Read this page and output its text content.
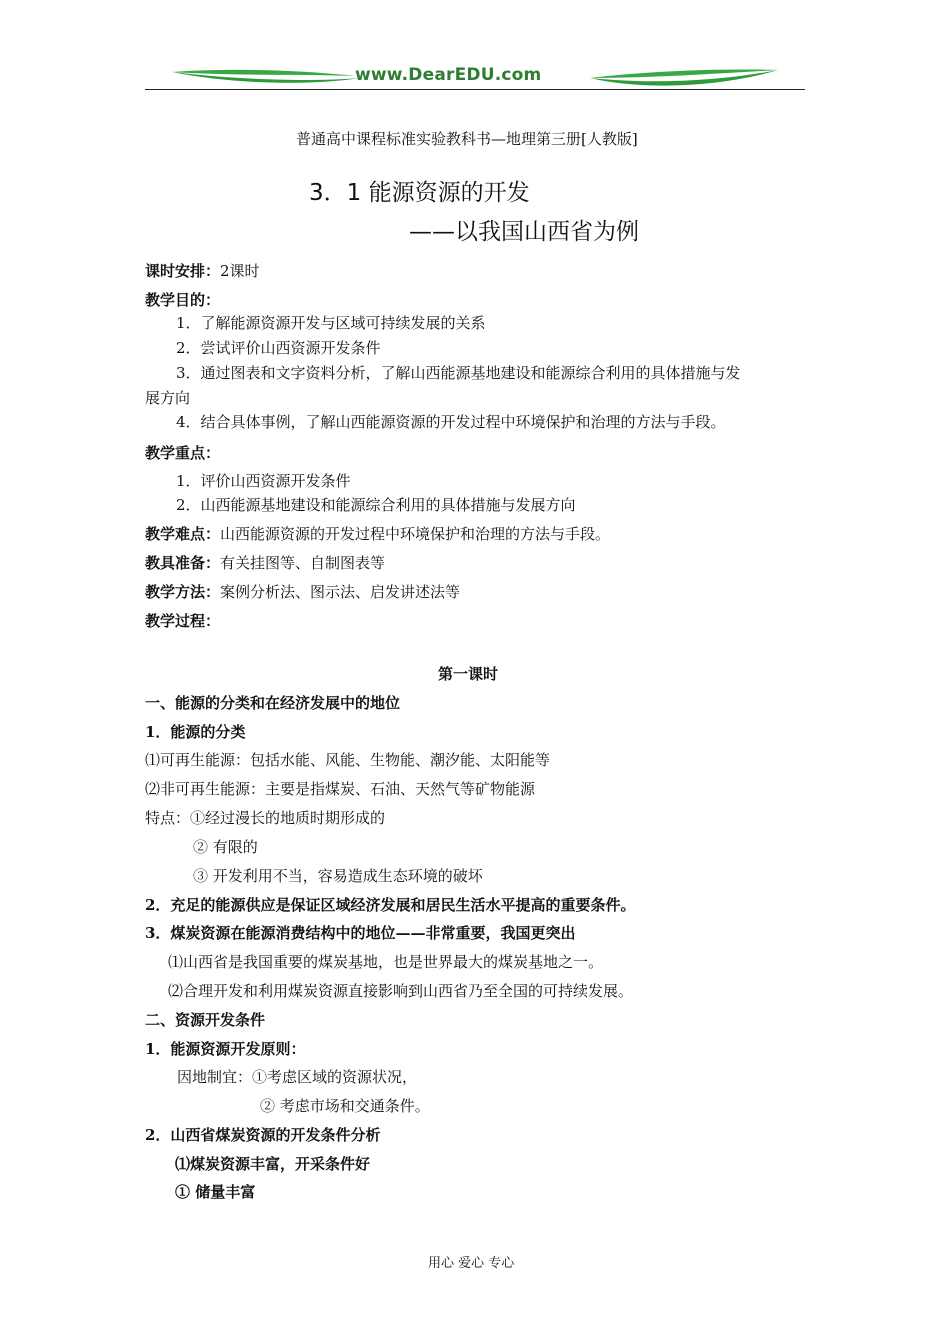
www.DearEDU.com
普通高中课程标准实验教科书—地理第三册[人教版]
3．1 能源资源的开发
——以我国山西省为例
课时安排：2课时
教学目的：
1．了解能源资源开发与区域可持续发展的关系
2．尝试评价山西资源开发条件
3．通过图表和文字资料分析，了解山西能源基地建设和能源综合利用的具体措施与发
展方向
4．结合具体事例，了解山西能源资源的开发过程中环境保护和治理的方法与手段。
教学重点：
1．评价山西资源开发条件
2．山西能源基地建设和能源综合利用的具体措施与发展方向
教学难点：山西能源资源的开发过程中环境保护和治理的方法与手段。
教具准备：有关挂图等、自制图表等
教学方法：案例分析法、图示法、启发讲述法等
教学过程：
第一课时
一、能源的分类和在经济发展中的地位
1．能源的分类
⑴可再生能源：包括水能、风能、生物能、潮汐能、太阳能等
⑵非可再生能源：主要是指煤炭、石油、天然气等矿物能源
特点：①经过漫长的地质时期形成的
② 有限的
③ 开发利用不当，容易造成生态环境的破坏
2．充足的能源供应是保证区域经济发展和居民生活水平提高的重要条件。
3．煤炭资源在能源消费结构中的地位——非常重要，我国更突出
⑴山西省是我国重要的煤炭基地，也是世界最大的煤炭基地之一。
⑵合理开发和利用煤炭资源直接影响到山西省乃至全国的可持续发展。
二、资源开发条件
1．能源资源开发原则：
因地制宜：①考虑区域的资源状况，
② 考虑市场和交通条件。
2．山西省煤炭资源的开发条件分析
⑴煤炭资源丰富，开采条件好
① 储量丰富
用心 爱心 专心
